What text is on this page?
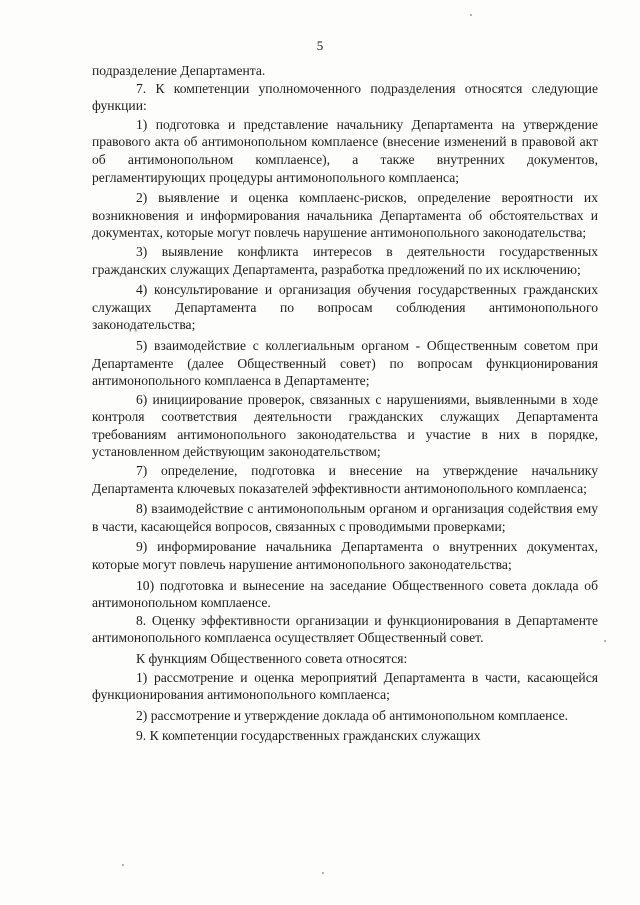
5

подразделение Департамента.

7. К компетенции уполномоченного подразделения относятся следующие функции:

1) подготовка и представление начальнику Департамента на утверждение правового акта об антимонопольном комплаенсе (внесение изменений в правовой акт об антимонопольном комплаенсе), а также внутренних документов, регламентирующих процедуры антимонопольного комплаенса;

2) выявление и оценка комплаенс-рисков, определение вероятности их возникновения и информирования начальника Департамента об обстоятельствах и документах, которые могут повлечь нарушение антимонопольного законодательства;

3) выявление конфликта интересов в деятельности государственных гражданских служащих Департамента, разработка предложений по их исключению;

4) консультирование и организация обучения государственных гражданских служащих Департамента по вопросам соблюдения антимонопольного законодательства;

5) взаимодействие с коллегиальным органом - Общественным советом при Департаменте (далее Общественный совет) по вопросам функционирования антимонопольного комплаенса в Департаменте;

6) инициирование проверок, связанных с нарушениями, выявленными в ходе контроля соответствия деятельности гражданских служащих Департамента требованиям антимонопольного законодательства и участие в них в порядке, установленном действующим законодательством;

7) определение, подготовка и внесение на утверждение начальнику Департамента ключевых показателей эффективности антимонопольного комплаенса;

8) взаимодействие с антимонопольным органом и организация содействия ему в части, касающейся вопросов, связанных с проводимыми проверками;

9) информирование начальника Департамента о внутренних документах, которые могут повлечь нарушение антимонопольного законодательства;

10) подготовка и вынесение на заседание Общественного совета доклада об антимонопольном комплаенсе.

8. Оценку эффективности организации и функционирования в Департаменте антимонопольного комплаенса осуществляет Общественный совет.

К функциям Общественного совета относятся:

1) рассмотрение и оценка мероприятий Департамента в части, касающейся функционирования антимонопольного комплаенса;

2) рассмотрение и утверждение доклада об антимонопольном комплаенсе.

9. К компетенции государственных гражданских служащих
